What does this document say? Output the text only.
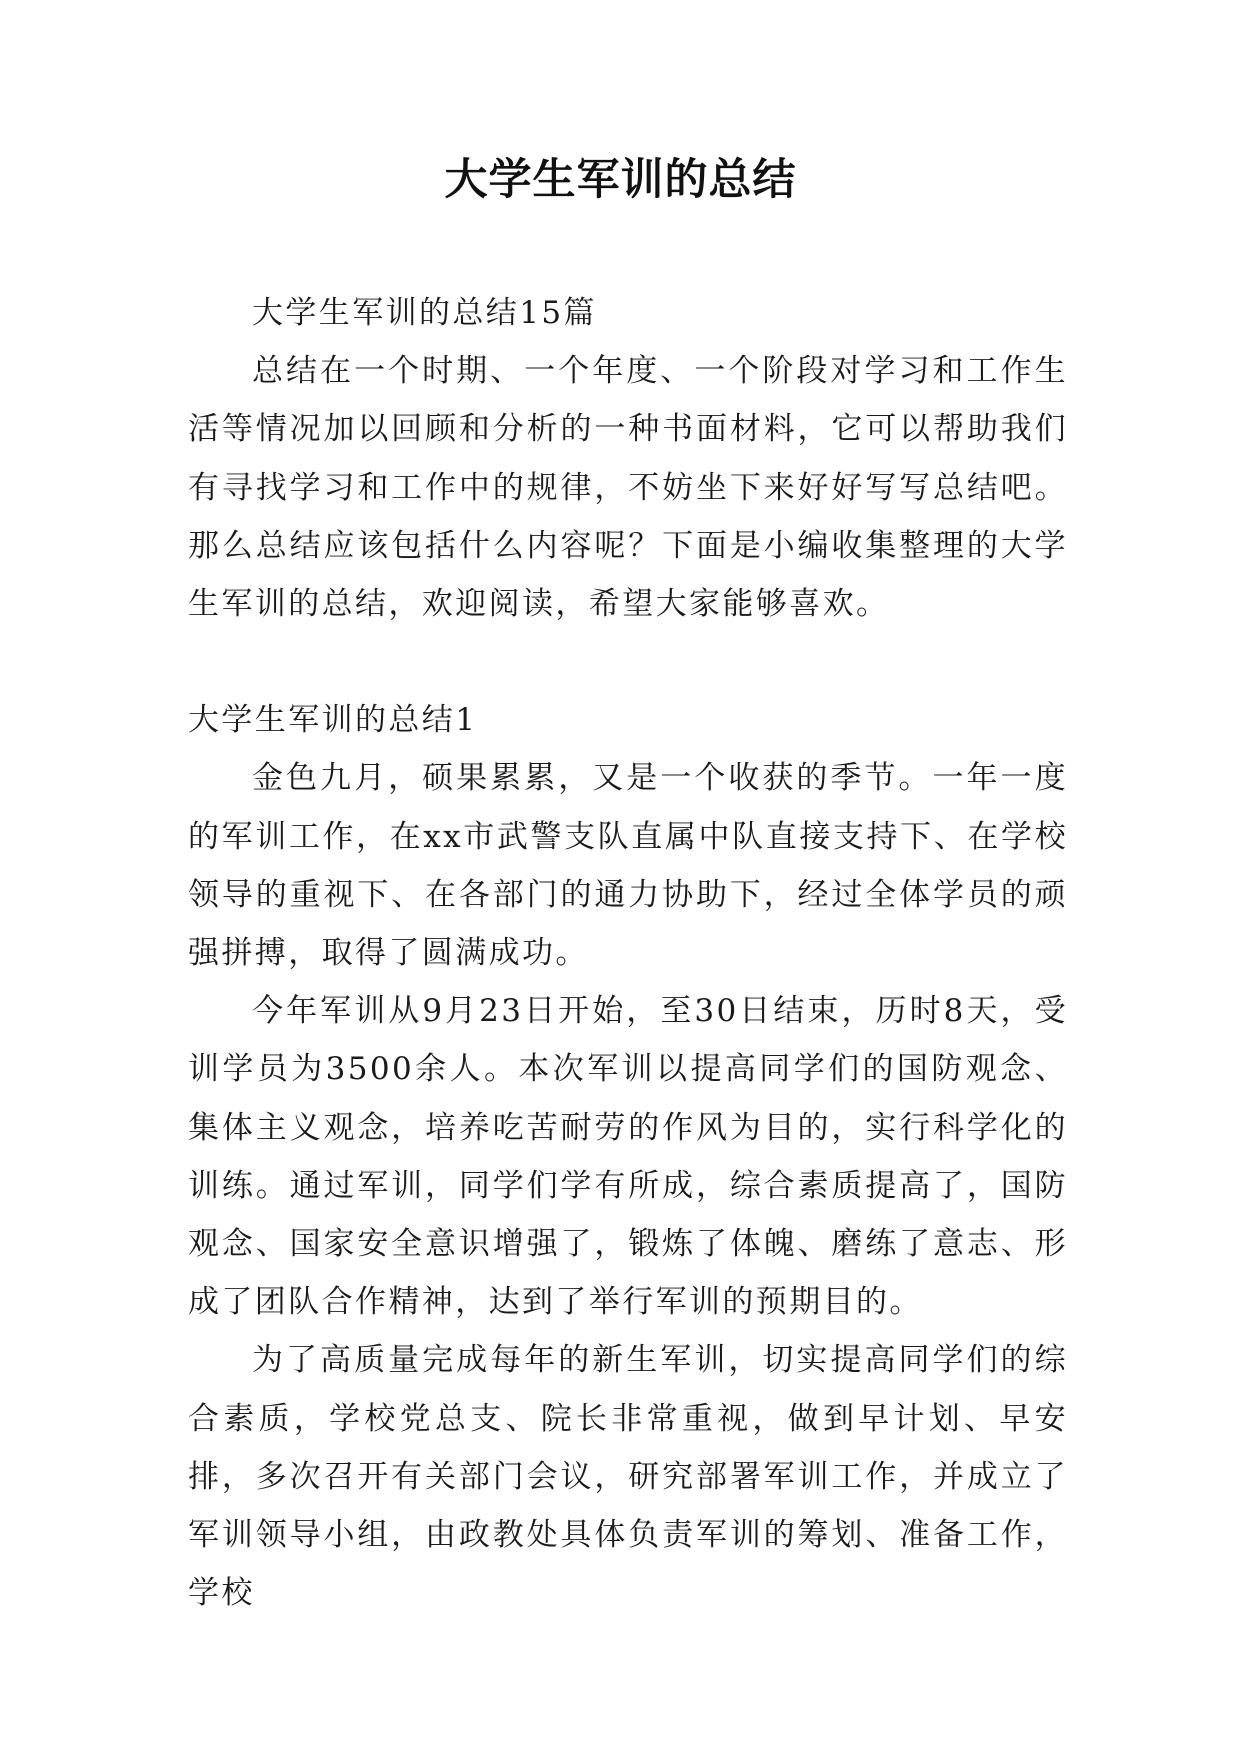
大学生军训的总结

大学生军训的总结15篇

总结在一个时期、一个年度、一个阶段对学习和工作生活等情况加以回顾和分析的一种书面材料，它可以帮助我们有寻找学习和工作中的规律，不妨坐下来好好写写总结吧。那么总结应该包括什么内容呢？下面是小编收集整理的大学生军训的总结，欢迎阅读，希望大家能够喜欢。

大学生军训的总结1

金色九月，硕果累累，又是一个收获的季节。一年一度的军训工作，在xx市武警支队直属中队直接支持下、在学校领导的重视下、在各部门的通力协助下，经过全体学员的顽强拼搏，取得了圆满成功。

今年军训从9月23日开始，至30日结束，历时8天，受训学员为3500余人。本次军训以提高同学们的国防观念、集体主义观念，培养吃苦耐劳的作风为目的，实行科学化的训练。通过军训，同学们学有所成，综合素质提高了，国防观念、国家安全意识增强了，锻炼了体魄、磨练了意志、形成了团队合作精神，达到了举行军训的预期目的。

为了高质量完成每年的新生军训，切实提高同学们的综合素质，学校党总支、院长非常重视，做到早计划、早安排，多次召开有关部门会议，研究部署军训工作，并成立了军训领导小组，由政教处具体负责军训的筹划、准备工作，学校
